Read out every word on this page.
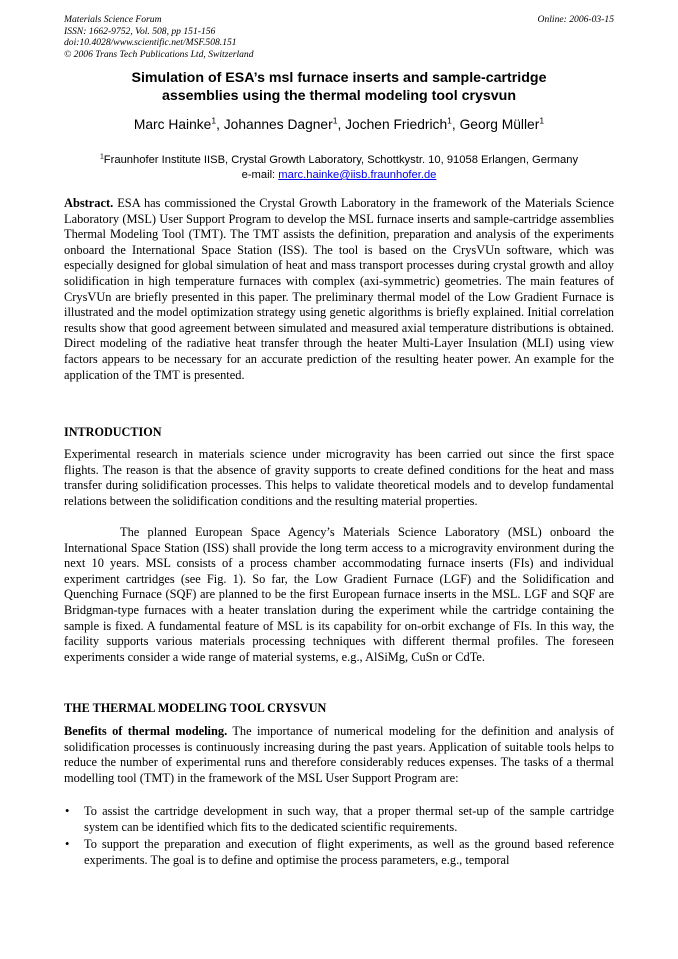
Materials Science Forum
ISSN: 1662-9752, Vol. 508, pp 151-156
doi:10.4028/www.scientific.net/MSF.508.151
© 2006 Trans Tech Publications Ltd, Switzerland
Online: 2006-03-15
Simulation of ESA’s msl furnace inserts and sample-cartridge
assemblies using the thermal modeling tool crysvun
Marc Hainke$^1$, Johannes Dagner$^1$, Jochen Friedrich$^1$, Georg Müller$^1$
$^1$Fraunhofer Institute IISB, Crystal Growth Laboratory, Schottkystr. 10, 91058 Erlangen, Germany
e-mail: marc.hainke@iisb.fraunhofer.de
Abstract. ESA has commissioned the Crystal Growth Laboratory in the framework of the Materials Science Laboratory (MSL) User Support Program to develop the MSL furnace inserts and sample-cartridge assemblies Thermal Modeling Tool (TMT). The TMT assists the definition, preparation and analysis of the experiments onboard the International Space Station (ISS). The tool is based on the CrysVUn software, which was especially designed for global simulation of heat and mass transport processes during crystal growth and alloy solidification in high temperature furnaces with complex (axi-symmetric) geometries. The main features of CrysVUn are briefly presented in this paper. The preliminary thermal model of the Low Gradient Furnace is illustrated and the model optimization strategy using genetic algorithms is briefly explained. Initial correlation results show that good agreement between simulated and measured axial temperature distributions is obtained. Direct modeling of the radiative heat transfer through the heater Multi-Layer Insulation (MLI) using view factors appears to be necessary for an accurate prediction of the resulting heater power. An example for the application of the TMT is presented.
INTRODUCTION
Experimental research in materials science under microgravity has been carried out since the first space flights. The reason is that the absence of gravity supports to create defined conditions for the heat and mass transfer during solidification processes. This helps to validate theoretical models and to develop fundamental relations between the solidification conditions and the resulting material properties.
The planned European Space Agency’s Materials Science Laboratory (MSL) onboard the International Space Station (ISS) shall provide the long term access to a microgravity environment during the next 10 years. MSL consists of a process chamber accommodating furnace inserts (FIs) and individual experiment cartridges (see Fig. 1). So far, the Low Gradient Furnace (LGF) and the Solidification and Quenching Furnace (SQF) are planned to be the first European furnace inserts in the MSL. LGF and SQF are Bridgman-type furnaces with a heater translation during the experiment while the cartridge containing the sample is fixed. A fundamental feature of MSL is its capability for on-orbit exchange of FIs. In this way, the facility supports various materials processing techniques with different thermal profiles. The foreseen experiments consider a wide range of material systems, e.g., AlSiMg, CuSn or CdTe.
THE THERMAL MODELING TOOL CRYSVUN
Benefits of thermal modeling. The importance of numerical modeling for the definition and analysis of solidification processes is continuously increasing during the past years. Application of suitable tools helps to reduce the number of experimental runs and therefore considerably reduces expenses. The tasks of a thermal modelling tool (TMT) in the framework of the MSL User Support Program are:
• To assist the cartridge development in such way, that a proper thermal set-up of the sample cartridge system can be identified which fits to the dedicated scientific requirements.
• To support the preparation and execution of flight experiments, as well as the ground based reference experiments. The goal is to define and optimise the process parameters, e.g., temporal
